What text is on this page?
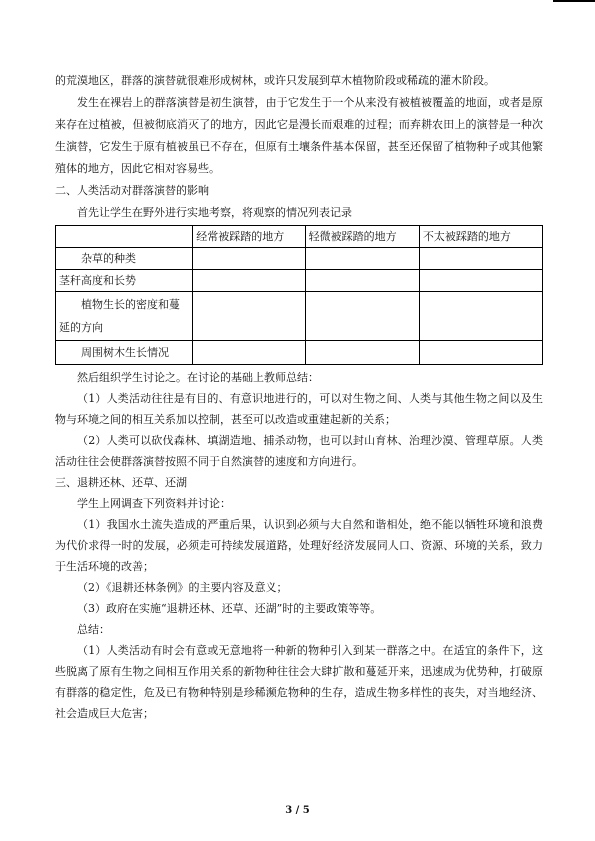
的荒漠地区，群落的演替就很难形成树林，或许只发展到草木植物阶段或稀疏的灌木阶段。

发生在裸岩上的群落演替是初生演替，由于它发生于一个从来没有被植被覆盖的地面，或者是原来存在过植被，但被彻底消灭了的地方，因此它是漫长而艰难的过程；而弃耕农田上的演替是一种次生演替，它发生于原有植被虽已不存在，但原有土壤条件基本保留，甚至还保留了植物种子或其他繁殖体的地方，因此它相对容易些。

二、人类活动对群落演替的影响

首先让学生在野外进行实地考察，将观察的情况列表记录

	经常被踩踏的地方	轻微被踩踏的地方	不太被踩踏的地方
杂草的种类			
茎秆高度和长势			
植物生长的密度和蔓延的方向			
周围树木生长情况			

然后组织学生讨论之。在讨论的基础上教师总结：

（1）人类活动往往是有目的、有意识地进行的，可以对生物之间、人类与其他生物之间以及生物与环境之间的相互关系加以控制，甚至可以改造或重建起新的关系；

（2）人类可以砍伐森林、填湖造地、捕杀动物，也可以封山育林、治理沙漠、管理草原。人类活动往往会使群落演替按照不同于自然演替的速度和方向进行。

三、退耕还林、还草、还湖

学生上网调查下列资料并讨论：

（1）我国水土流失造成的严重后果，认识到必须与大自然和谐相处，绝不能以牺牲环境和浪费为代价求得一时的发展，必须走可持续发展道路，处理好经济发展同人口、资源、环境的关系，致力于生活环境的改善；

（2）《退耕还林条例》的主要内容及意义；

（3）政府在实施“退耕还林、还草、还湖”时的主要政策等等。

总结：

（1）人类活动有时会有意或无意地将一种新的物种引入到某一群落之中。在适宜的条件下，这些脱离了原有生物之间相互作用关系的新物种往往会大肆扩散和蔓延开来，迅速成为优势种，打破原有群落的稳定性，危及已有物种特别是珍稀濒危物种的生存，造成生物多样性的丧失，对当地经济、社会造成巨大危害；

3 / 5
